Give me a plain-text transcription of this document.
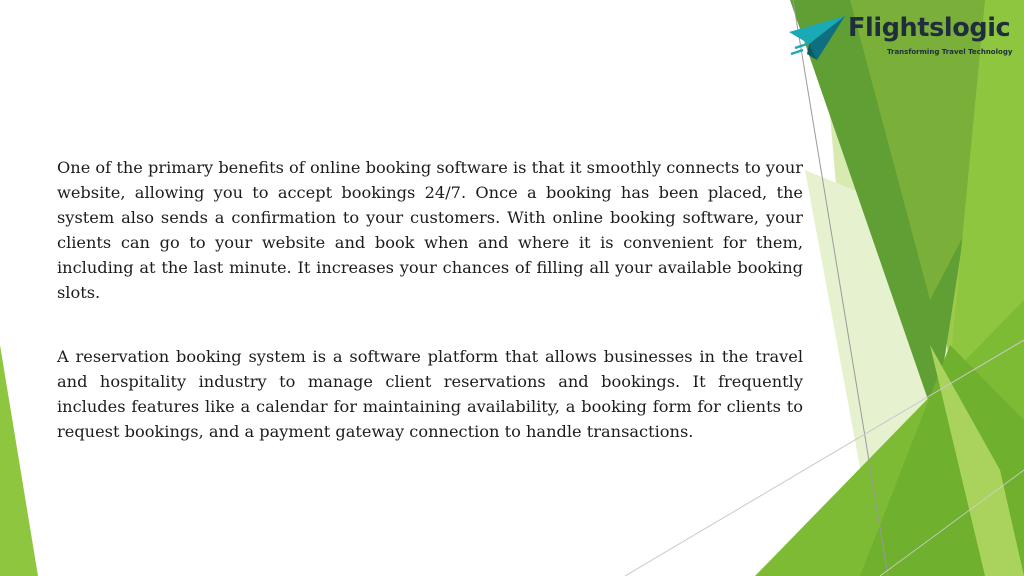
Flightslogic
Transforming Travel Technology

One of the primary benefits of online booking software is that it smoothly connects to your website, allowing you to accept bookings 24/7. Once a booking has been placed, the system also sends a confirmation to your customers. With online booking software, your clients can go to your website and book when and where it is convenient for them, including at the last minute. It increases your chances of filling all your available booking slots.

A reservation booking system is a software platform that allows businesses in the travel and hospitality industry to manage client reservations and bookings. It frequently includes features like a calendar for maintaining availability, a booking form for clients to request bookings, and a payment gateway connection to handle transactions.
